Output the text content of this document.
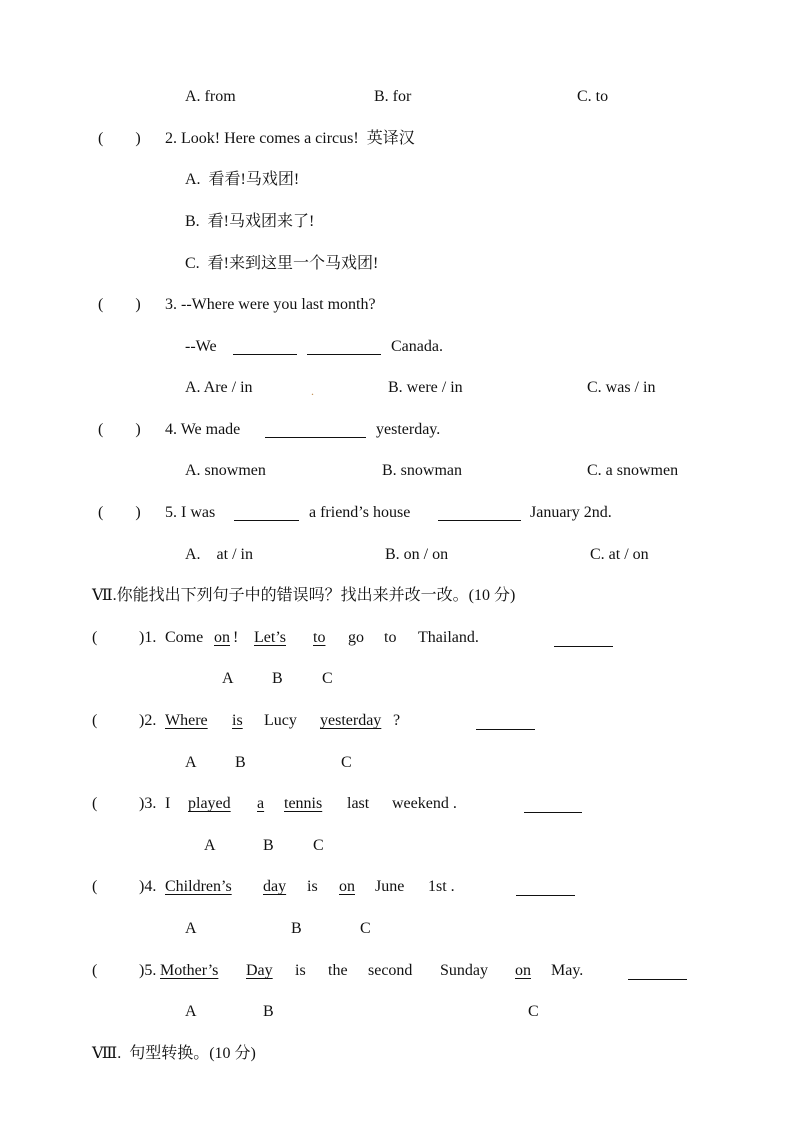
A. from	B. for	C. to
(        ) 2. Look! Here comes a circus!  英译汉
A.  看看!马戏团!
B.  看!马戏团来了!
C.  看!来到这里一个马戏团!
(        ) 3. --Where were you last month?
--We	Canada.
A. Are / in	.	B. were / in	C. was / in
(        ) 4. We made	yesterday.
A. snowmen	B. snowman	C. a snowmen
(        ) 5. I was	a friend’s house	January 2nd.
A.    at / in	B. on / on	C. at / on
Ⅶ.你能找出下列句子中的错误吗？找出来并改一改。(10 分)
(	)1. Come on ! Let’s to go to Thailand.
A B C
(	)2. Where is Lucy yesterday ?
A B	C
(	)3. I played a tennis last weekend .
A	B C
(	)4. Children’s day is on June 1st .
A	B	C
(	)5. Mother’s Day is the second Sunday on May.
A	B	C
Ⅷ.  句型转换。(10 分)
